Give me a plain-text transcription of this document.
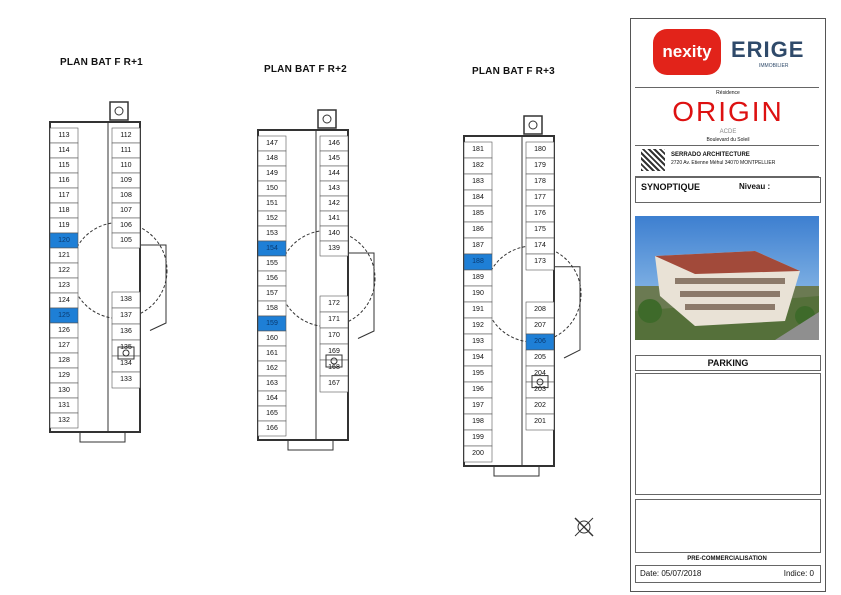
PLAN BAT F R+1
113
114
115
116
117
118
119
120
121
122
123
124
125
126
127
128
129
130
131
132
112
111
110
109
108
107
106
105
138
137
136
135
134
133
PLAN BAT F R+2
147
148
149
150
151
152
153
154
155
156
157
158
159
160
161
162
163
164
165
166
146
145
144
143
142
141
140
139
172
171
170
169
168
167
PLAN BAT F R+3
181
182
183
184
185
186
187
188
189
190
191
192
193
194
195
196
197
198
199
200
180
179
178
177
176
175
174
173
208
207
206
205
204
203
202
201
nexity ERIGE
IMMOBILIER
Résidence
ORIGIN
ACDE
Boulevard du Soleil
SERRADO ARCHITECTURE
2720 Av. Etienne Méhul 34070 MONTPELLIER
SYNOPTIQUE	Niveau :
PARKING
PRE-COMMERCIALISATION
Date: 05/07/2018	Indice: 0
